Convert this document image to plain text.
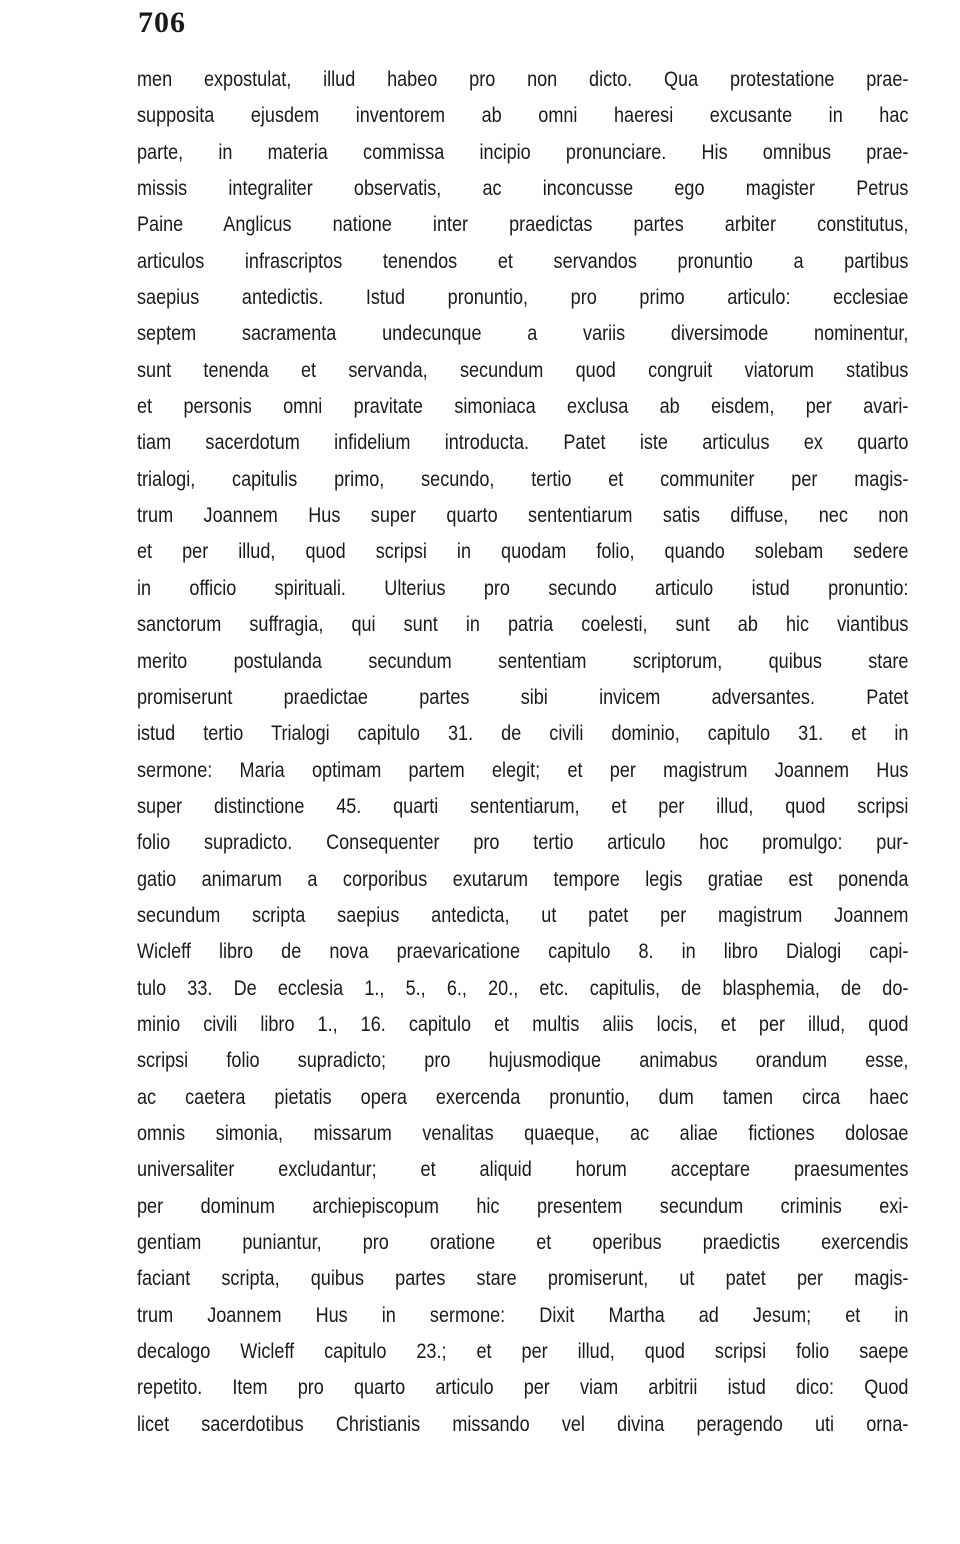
706

men expostulat, illud habeo pro non dicto. Qua protestatione prae-
supposita ejusdem inventorem ab omni haeresi excusante in hac
parte, in materia commissa incipio pronunciare. His omnibus prae-
missis integraliter observatis, ac inconcusse ego magister Petrus
Paine Anglicus natione inter praedictas partes arbiter constitutus,
articulos infrascriptos tenendos et servandos pronuntio a partibus
saepius antedictis. Istud pronuntio, pro primo articulo: ecclesiae
septem sacramenta undecunque a variis diversimode nominentur,
sunt tenenda et servanda, secundum quod congruit viatorum statibus
et personis omni pravitate simoniaca exclusa ab eisdem, per avari-
tiam sacerdotum infidelium introducta. Patet iste articulus ex quarto
trialogi, capitulis primo, secundo, tertio et communiter per magis-
trum Joannem Hus super quarto sententiarum satis diffuse, nec non
et per illud, quod scripsi in quodam folio, quando solebam sedere
in officio spirituali. Ulterius pro secundo articulo istud pronuntio:
sanctorum suffragia, qui sunt in patria coelesti, sunt ab hic viantibus
merito postulanda secundum sententiam scriptorum, quibus stare
promiserunt praedictae partes sibi invicem adversantes. Patet
istud tertio Trialogi capitulo 31. de civili dominio, capitulo 31. et in
sermone: Maria optimam partem elegit; et per magistrum Joannem Hus
super distinctione 45. quarti sententiarum, et per illud, quod scripsi
folio supradicto. Consequenter pro tertio articulo hoc promulgo: pur-
gatio animarum a corporibus exutarum tempore legis gratiae est ponenda
secundum scripta saepius antedicta, ut patet per magistrum Joannem
Wicleff libro de nova praevaricatione capitulo 8. in libro Dialogi capi-
tulo 33. De ecclesia 1., 5., 6., 20., etc. capitulis, de blasphemia, de do-
minio civili libro 1., 16. capitulo et multis aliis locis, et per illud, quod
scripsi folio supradicto; pro hujusmodique animabus orandum esse,
ac caetera pietatis opera exercenda pronuntio, dum tamen circa haec
omnis simonia, missarum venalitas quaeque, ac aliae fictiones dolosae
universaliter excludantur; et aliquid horum acceptare praesumentes
per dominum archiepiscopum hic presentem secundum criminis exi-
gentiam puniantur, pro oratione et operibus praedictis exercendis
faciant scripta, quibus partes stare promiserunt, ut patet per magis-
trum Joannem Hus in sermone: Dixit Martha ad Jesum; et in
decalogo Wicleff capitulo 23.; et per illud, quod scripsi folio saepe
repetito. Item pro quarto articulo per viam arbitrii istud dico: Quod
licet sacerdotibus Christianis missando vel divina peragendo uti orna-
